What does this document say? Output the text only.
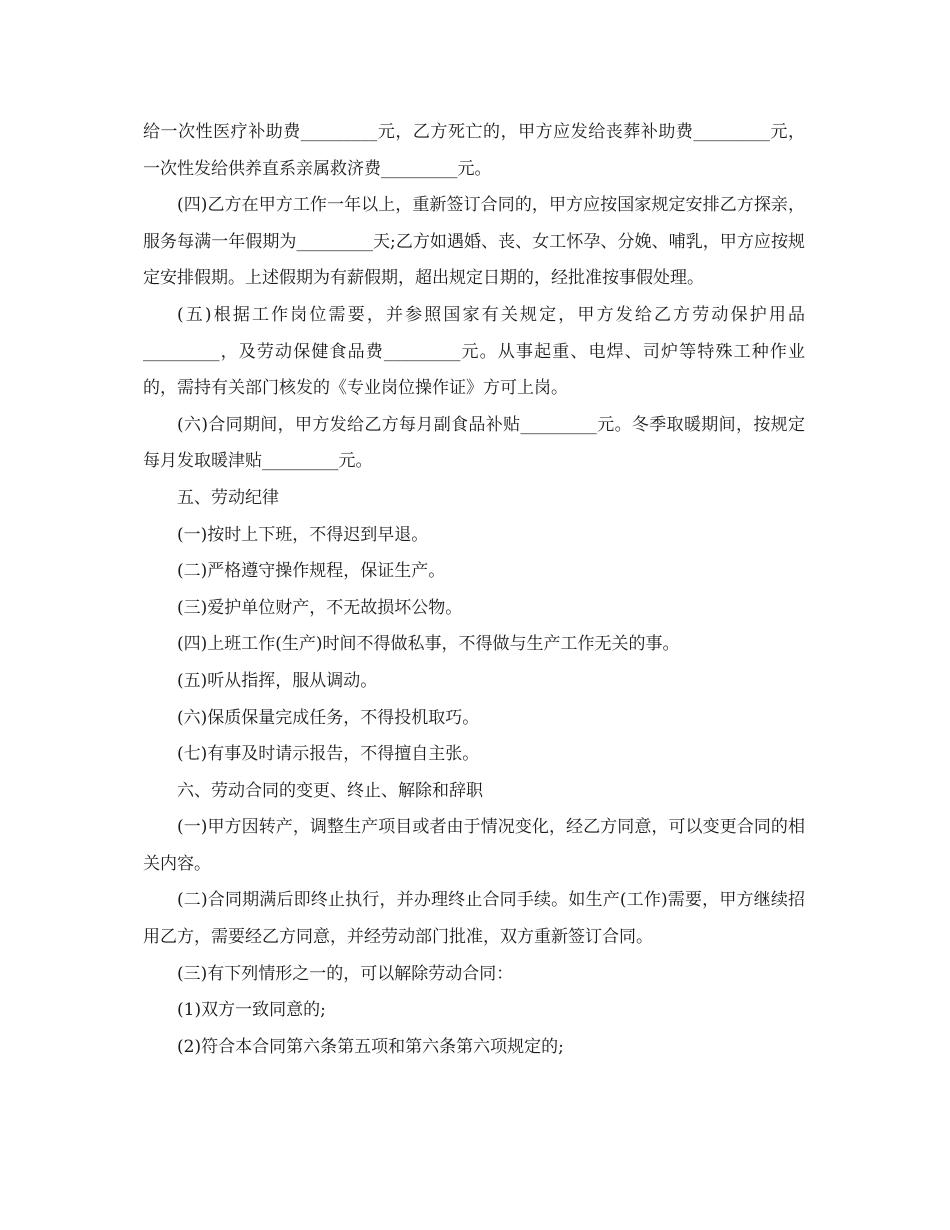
给一次性医疗补助费_________元，乙方死亡的，甲方应发给丧葬补助费_________元，一次性发给供养直系亲属救济费_________元。

(四)乙方在甲方工作一年以上，重新签订合同的，甲方应按国家规定安排乙方探亲，服务每满一年假期为_________天;乙方如遇婚、丧、女工怀孕、分娩、哺乳，甲方应按规定安排假期。上述假期为有薪假期，超出规定日期的，经批准按事假处理。

(五)根据工作岗位需要，并参照国家有关规定，甲方发给乙方劳动保护用品_________，及劳动保健食品费_________元。从事起重、电焊、司炉等特殊工种作业的，需持有关部门核发的《专业岗位操作证》方可上岗。

(六)合同期间，甲方发给乙方每月副食品补贴_________元。冬季取暖期间，按规定每月发取暖津贴_________元。

五、劳动纪律

(一)按时上下班，不得迟到早退。

(二)严格遵守操作规程，保证生产。

(三)爱护单位财产，不无故损坏公物。

(四)上班工作(生产)时间不得做私事，不得做与生产工作无关的事。

(五)听从指挥，服从调动。

(六)保质保量完成任务，不得投机取巧。

(七)有事及时请示报告，不得擅自主张。

六、劳动合同的变更、终止、解除和辞职

(一)甲方因转产，调整生产项目或者由于情况变化，经乙方同意，可以变更合同的相关内容。

(二)合同期满后即终止执行，并办理终止合同手续。如生产(工作)需要，甲方继续招用乙方，需要经乙方同意，并经劳动部门批准，双方重新签订合同。

(三)有下列情形之一的，可以解除劳动合同：

(1)双方一致同意的;

(2)符合本合同第六条第五项和第六条第六项规定的;
